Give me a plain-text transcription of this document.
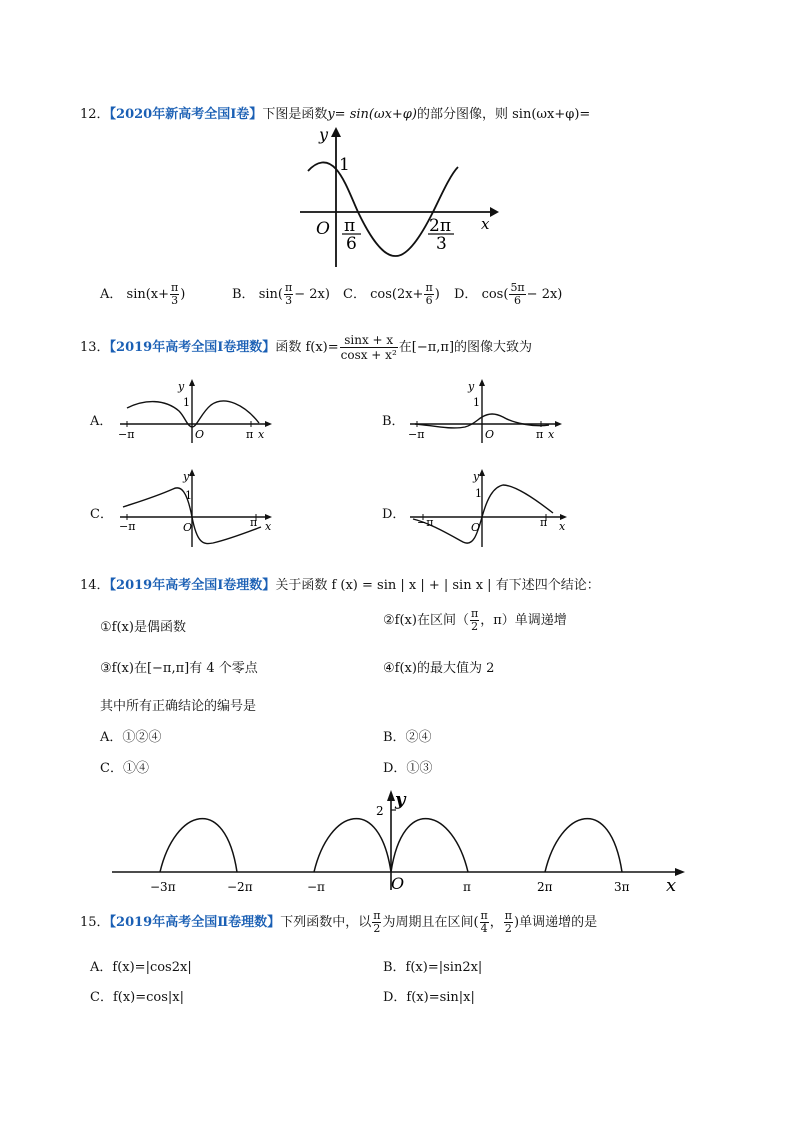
12．【2020年新高考全国Ⅰ卷】下图是函数y= sin(ωx+φ)的部分图像，则 sin(ωx+φ)=
y
x
1
O π
6
2π
3
A． $\sin(x+ \frac{\pi}{3}$ )	B． $\sin( \frac{\pi}{3} - 2x)$ C． $\cos(2x+ \frac{\pi}{6}$ ) D． $\cos( \frac{5\pi}{6} - 2x)$
13．【2019年高考全国Ⅰ卷理数】函数 $f(x)= \frac{\sin x + x}{\text{cosx + x²}}$ 在[−π,π]的图像大致为
A．	B．
C．	D．
y
1
O
−π	π x
y
1
O
−π	π x
y
1
O
−π	π x
y
1
O
−π	π x
14．【2019年高考全国Ⅰ卷理数】关于函数 f (x) = sin | x | + | sin x | 有下述四个结论：
①f(x)是偶函数	②f(x)在区间（ $\frac{\pi}{2}$ ，π）单调递增
③f(x)在[−π,π]有 4 个零点	④f(x)的最大值为 2
其中所有正确结论的编号是
A．①②④	B．②④
C．①④	D．①③
2
y
O	x
−3π	−2π	−π	π	2π	3π
15．【2019年高考全国Ⅱ卷理数】下列函数中，以 $\frac{\pi}{2}$ 为周期且在区间( $\frac{\pi}{4}$ ， $\frac{\pi}{2}$ )单调递增的是
A．f(x)=|cos2x|	B．f(x)=|sin2x|
C．f(x)=cos|x|	D．f(x)=sin|x|
